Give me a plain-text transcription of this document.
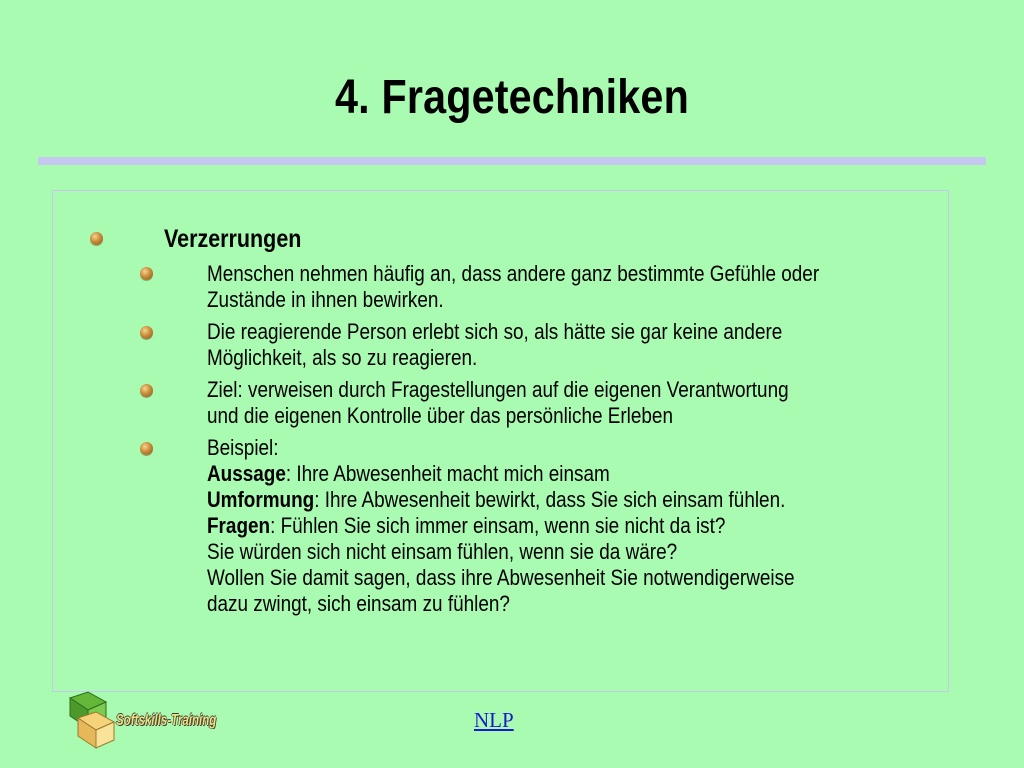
4. Fragetechniken
Verzerrungen
Menschen nehmen häufig an, dass andere ganz bestimmte Gefühle oder
Zustände in ihnen bewirken.
Die reagierende Person erlebt sich so, als hätte sie gar keine andere
Möglichkeit, als so zu reagieren.
Ziel: verweisen durch Fragestellungen auf die eigenen Verantwortung
und die eigenen Kontrolle über das persönliche Erleben
Beispiel:
Aussage: Ihre Abwesenheit macht mich einsam
Umformung: Ihre Abwesenheit bewirkt, dass Sie sich einsam fühlen.
Fragen: Fühlen Sie sich immer einsam, wenn sie nicht da ist?
Sie würden sich nicht einsam fühlen, wenn sie da wäre?
Wollen Sie damit sagen, dass ihre Abwesenheit Sie notwendigerweise
dazu zwingt, sich einsam zu fühlen?
Softskills-Training	NLP
